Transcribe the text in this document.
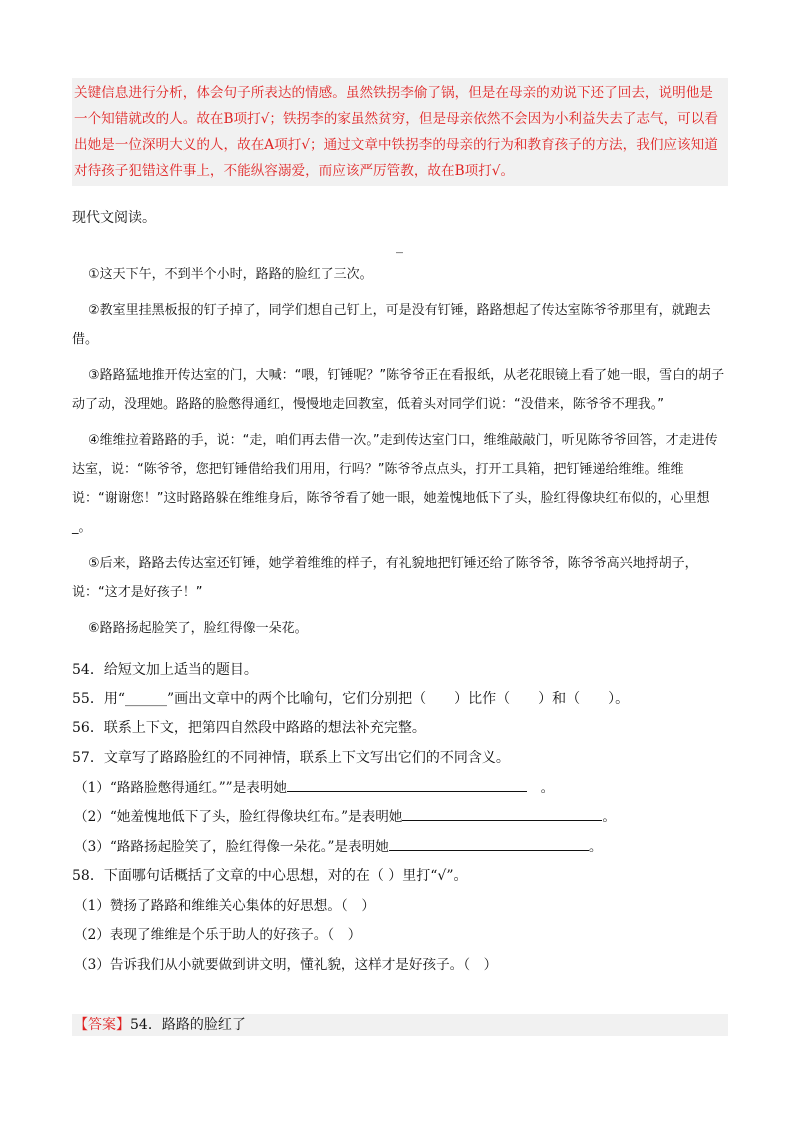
关键信息进行分析，体会句子所表达的情感。虽然铁拐李偷了锅，但是在母亲的劝说下还了回去，说明他是一个知错就改的人。故在B项打√；铁拐李的家虽然贫穷，但是母亲依然不会因为小利益失去了志气，可以看出她是一位深明大义的人，故在A项打√；通过文章中铁拐李的母亲的行为和教育孩子的方法，我们应该知道对待孩子犯错这件事上，不能纵容溺爱，而应该严厉管教，故在B项打√。
现代文阅读。
_

①这天下午，不到半个小时，路路的脸红了三次。

②教室里挂黑板报的钉子掉了，同学们想自己钉上，可是没有钉锤，路路想起了传达室陈爷爷那里有，就跑去借。

③路路猛地推开传达室的门，大喊：“喂，钉锤呢？”陈爷爷正在看报纸，从老花眼镜上看了她一眼，雪白的胡子动了动，没理她。路路的脸憋得通红，慢慢地走回教室，低着头对同学们说：“没借来，陈爷爷不理我。”

④维维拉着路路的手，说：“走，咱们再去借一次。”走到传达室门口，维维敲敲门，听见陈爷爷回答，才走进传达室，说：“陈爷爷，您把钉锤借给我们用用，行吗？”陈爷爷点点头，打开工具箱，把钉锤递给维维。维维说：“谢谢您！”这时路路躲在维维身后，陈爷爷看了她一眼，她羞愧地低下了头，脸红得像块红布似的，心里想_。

⑤后来，路路去传达室还钉锤，她学着维维的样子，有礼貌地把钉锤还给了陈爷爷，陈爷爷高兴地捋胡子，说：“这才是好孩子！”

⑥路路扬起脸笑了，脸红得像一朵花。

54．给短文加上适当的题目。
55．用“______”画出文章中的两个比喻句，它们分别把（　　）比作（　　）和（　　）。
56．联系上下文，把第四自然段中路路的想法补充完整。
57．文章写了路路脸红的不同神情，联系上下文写出它们的不同含义。
（1）“路路脸憋得通红。””是表明她	　。
（2）“她羞愧地低下了头，脸红得像块红布。”是表明她	。
（3）“路路扬起脸笑了，脸红得像一朵花。”是表明她	。
58．下面哪句话概括了文章的中心思想，对的在（ ）里打“√”。
（1）赞扬了路路和维维关心集体的好思想。（　）
（2）表现了维维是个乐于助人的好孩子。（　）
（3）告诉我们从小就要做到讲文明，懂礼貌，这样才是好孩子。（　）
【答案】54．路路的脸红了
